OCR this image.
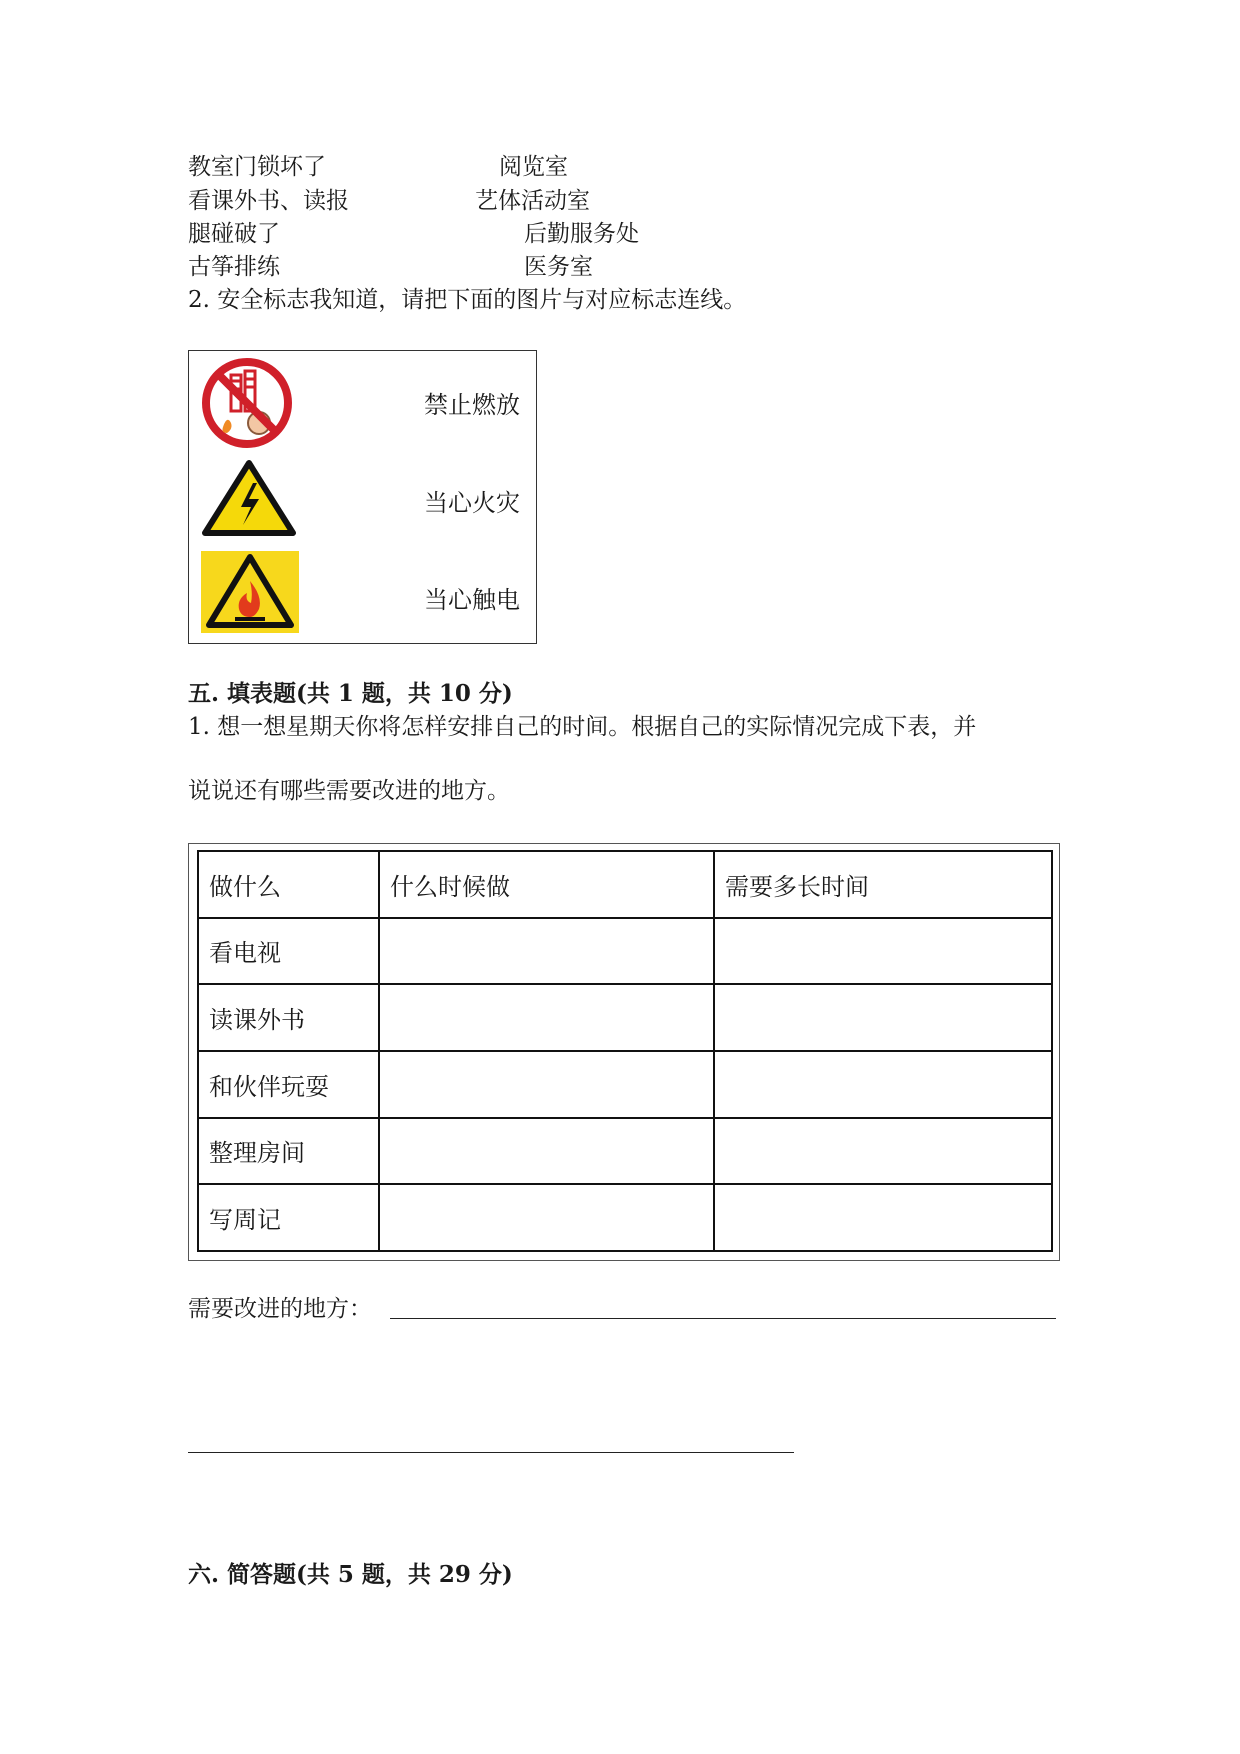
教室门锁坏了	阅览室
看课外书、读报	艺体活动室
腿碰破了	后勤服务处
古筝排练	医务室
2. 安全标志我知道，请把下面的图片与对应标志连线。
禁止燃放
当心火灾
当心触电
五. 填表题(共 1 题，共 10 分)
1. 想一想星期天你将怎样安排自己的时间。根据自己的实际情况完成下表，并
说说还有哪些需要改进的地方。
做什么	什么时候做	需要多长时间
看电视		
读课外书		
和伙伴玩耍		
整理房间		
写周记		
需要改进的地方：
六. 简答题(共 5 题，共 29 分)
